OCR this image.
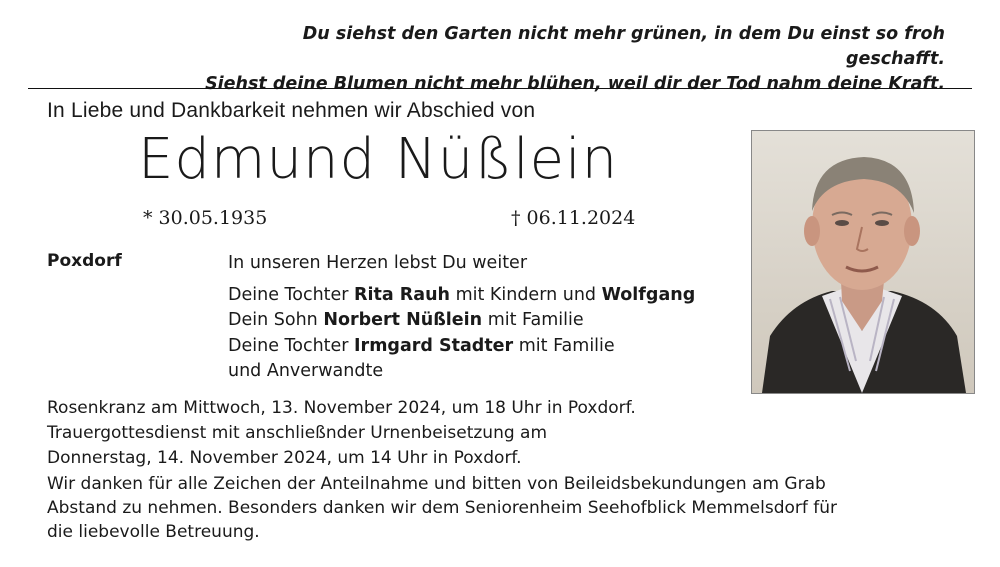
Du siehst den Garten nicht mehr grünen, in dem Du einst so froh geschafft.
Siehst deine Blumen nicht mehr blühen, weil dir der Tod nahm deine Kraft.
In Liebe und Dankbarkeit nehmen wir Abschied von
Edmund Nüßlein
* 30.05.1935	† 06.11.2024
Poxdorf	In unseren Herzen lebst Du weiter
Deine Tochter Rita Rauh mit Kindern und Wolfgang
Dein Sohn Norbert Nüßlein mit Familie
Deine Tochter Irmgard Stadter mit Familie
und Anverwandte
Rosenkranz am Mittwoch, 13. November 2024, um 18 Uhr in Poxdorf.
Trauergottesdienst mit anschließnder Urnenbeisetzung am
Donnerstag, 14. November 2024, um 14 Uhr in Poxdorf.
Wir danken für alle Zeichen der Anteilnahme und bitten von Beileidsbekundungen am Grab
Abstand zu nehmen. Besonders danken wir dem Seniorenheim Seehofblick Memmelsdorf für
die liebevolle Betreuung.
